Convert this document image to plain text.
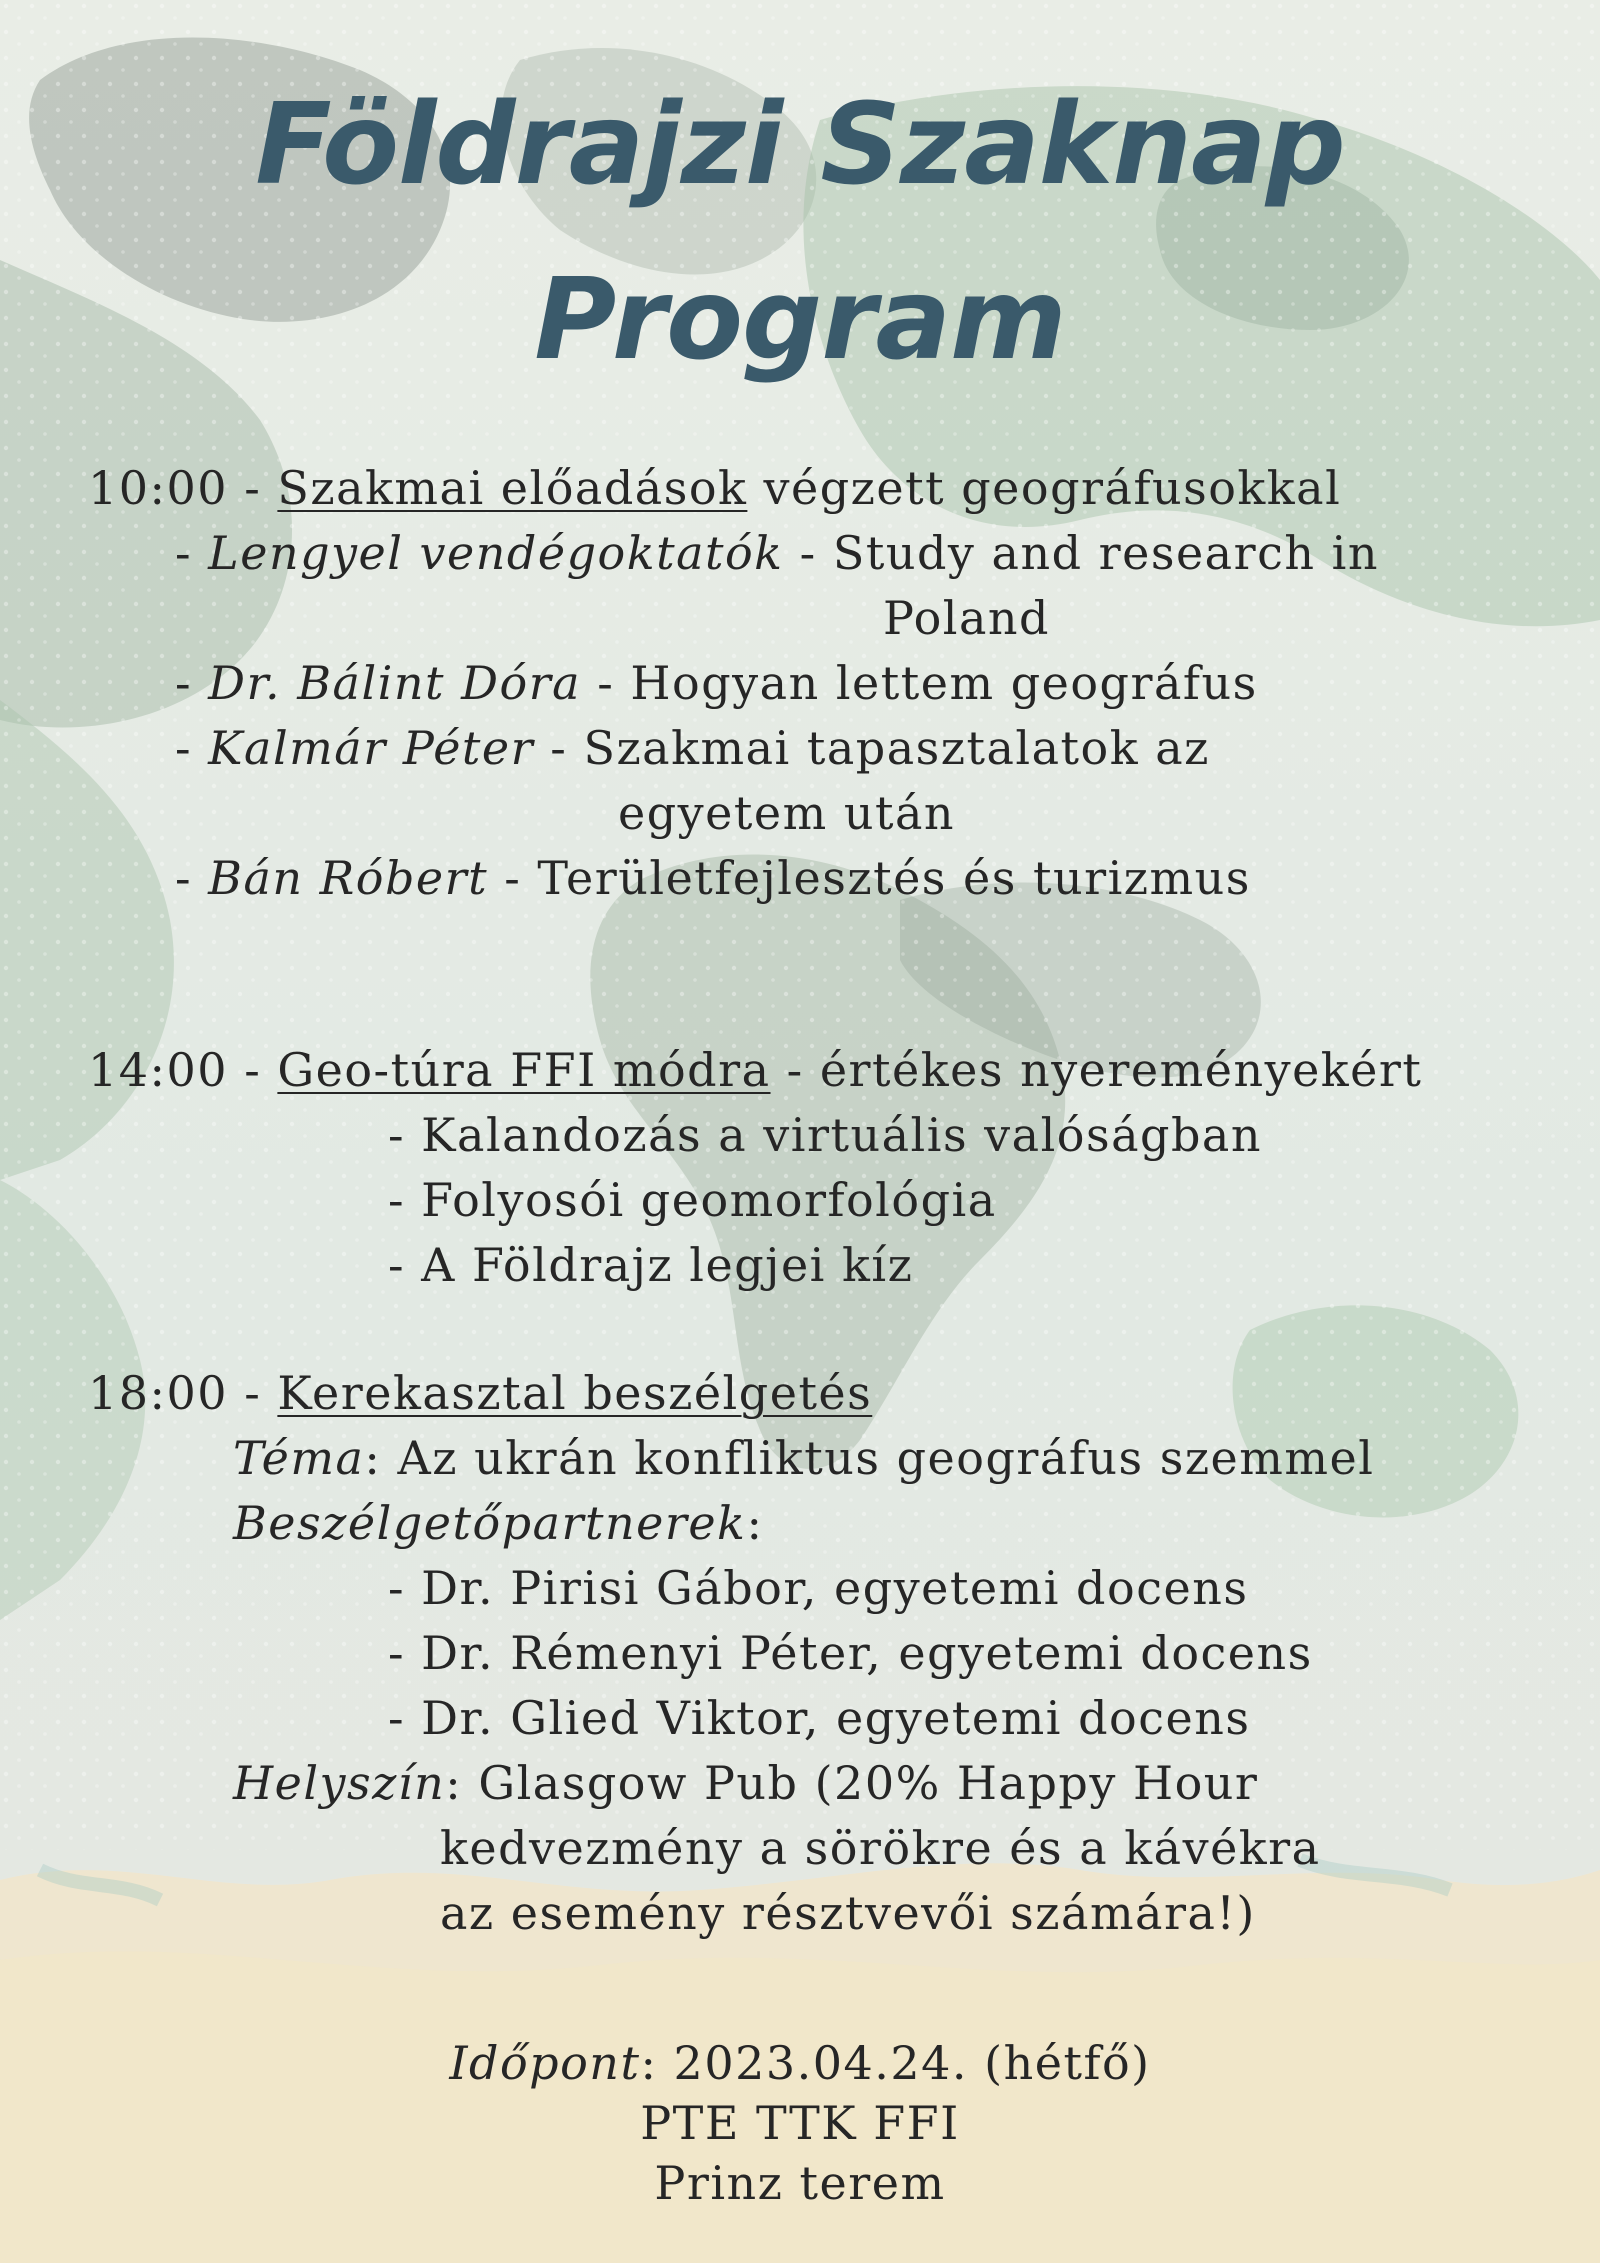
Földrajzi Szaknap
Program
10:00 - Szakmai előadások végzett geográfusokkal
- Lengyel vendégoktatók - Study and research in
Poland
- Dr. Bálint Dóra - Hogyan lettem geográfus
- Kalmár Péter - Szakmai tapasztalatok az
egyetem után
- Bán Róbert - Területfejlesztés és turizmus
14:00 - Geo-túra FFI módra - értékes nyereményekért
- Kalandozás a virtuális valóságban
- Folyosói geomorfológia
- A Földrajz legjei kíz
18:00 - Kerekasztal beszélgetés
Téma: Az ukrán konfliktus geográfus szemmel
Beszélgetőpartnerek:
- Dr. Pirisi Gábor, egyetemi docens
- Dr. Rémenyi Péter, egyetemi docens
- Dr. Glied Viktor, egyetemi docens
Helyszín: Glasgow Pub (20% Happy Hour
kedvezmény a sörökre és a kávékra
az esemény résztvevői számára!)
Időpont: 2023.04.24. (hétfő)
PTE TTK FFI
Prinz terem
